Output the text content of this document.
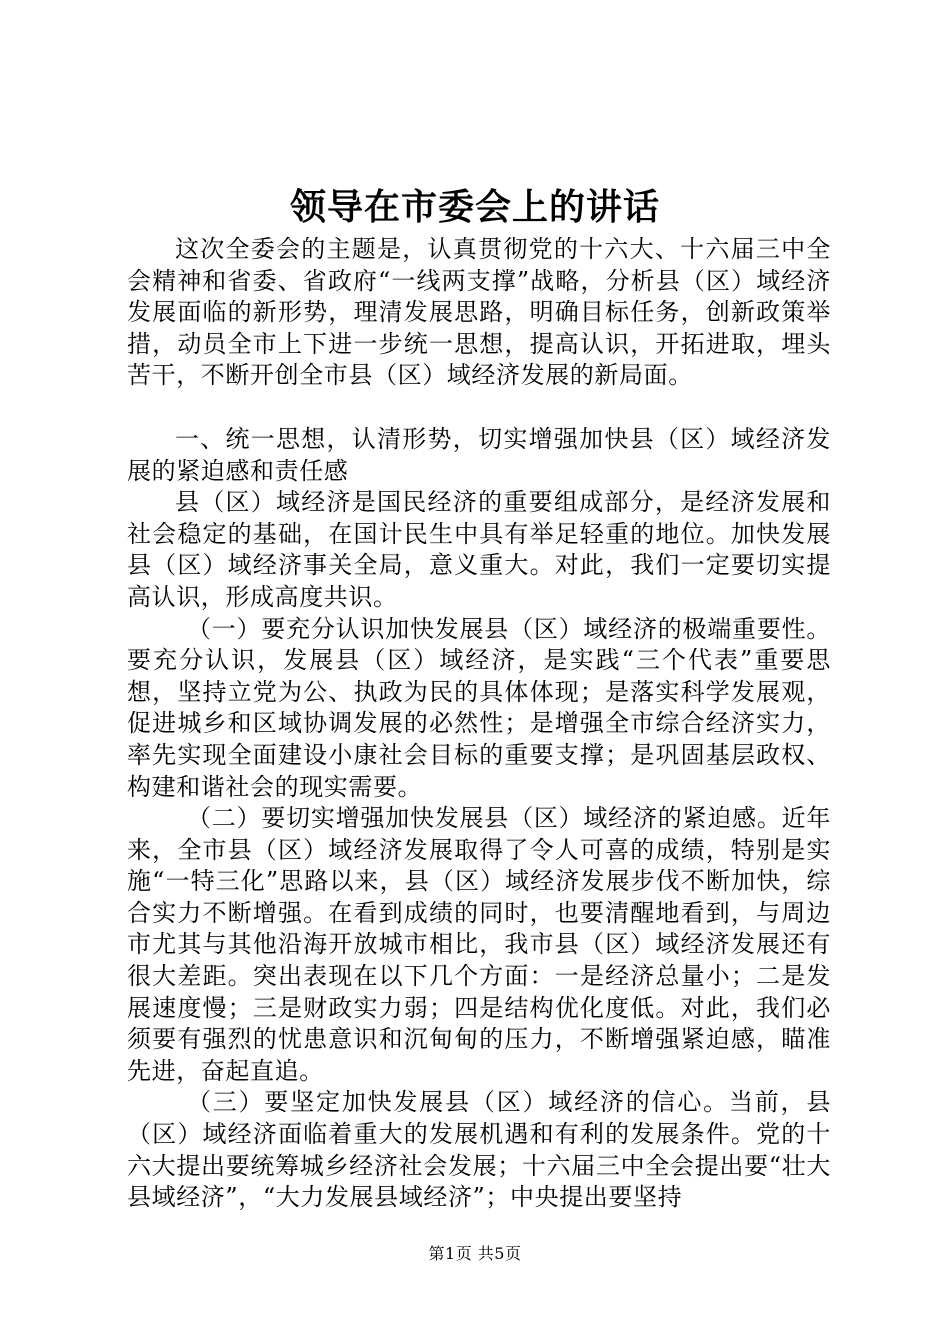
领导在市委会上的讲话

这次全委会的主题是，认真贯彻党的十六大、十六届三中全会精神和省委、省政府“一线两支撑”战略，分析县（区）域经济发展面临的新形势，理清发展思路，明确目标任务，创新政策举措，动员全市上下进一步统一思想，提高认识，开拓进取，埋头苦干，不断开创全市县（区）域经济发展的新局面。

一、统一思想，认清形势，切实增强加快县（区）域经济发展的紧迫感和责任感

县（区）域经济是国民经济的重要组成部分，是经济发展和社会稳定的基础，在国计民生中具有举足轻重的地位。加快发展县（区）域经济事关全局，意义重大。对此，我们一定要切实提高认识，形成高度共识。

（一）要充分认识加快发展县（区）域经济的极端重要性。要充分认识，发展县（区）域经济，是实践“三个代表”重要思想，坚持立党为公、执政为民的具体体现；是落实科学发展观，促进城乡和区域协调发展的必然性；是增强全市综合经济实力，率先实现全面建设小康社会目标的重要支撑；是巩固基层政权、构建和谐社会的现实需要。

（二）要切实增强加快发展县（区）域经济的紧迫感。近年来，全市县（区）域经济发展取得了令人可喜的成绩，特别是实施“一特三化”思路以来，县（区）域经济发展步伐不断加快，综合实力不断增强。在看到成绩的同时，也要清醒地看到，与周边市尤其与其他沿海开放城市相比，我市县（区）域经济发展还有很大差距。突出表现在以下几个方面：一是经济总量小；二是发展速度慢；三是财政实力弱；四是结构优化度低。对此，我们必须要有强烈的忧患意识和沉甸甸的压力，不断增强紧迫感，瞄准先进，奋起直追。

（三）要坚定加快发展县（区）域经济的信心。当前，县（区）域经济面临着重大的发展机遇和有利的发展条件。党的十六大提出要统筹城乡经济社会发展；十六届三中全会提出要“壮大县域经济”，“大力发展县域经济”；中央提出要坚持

第1页 共5页
